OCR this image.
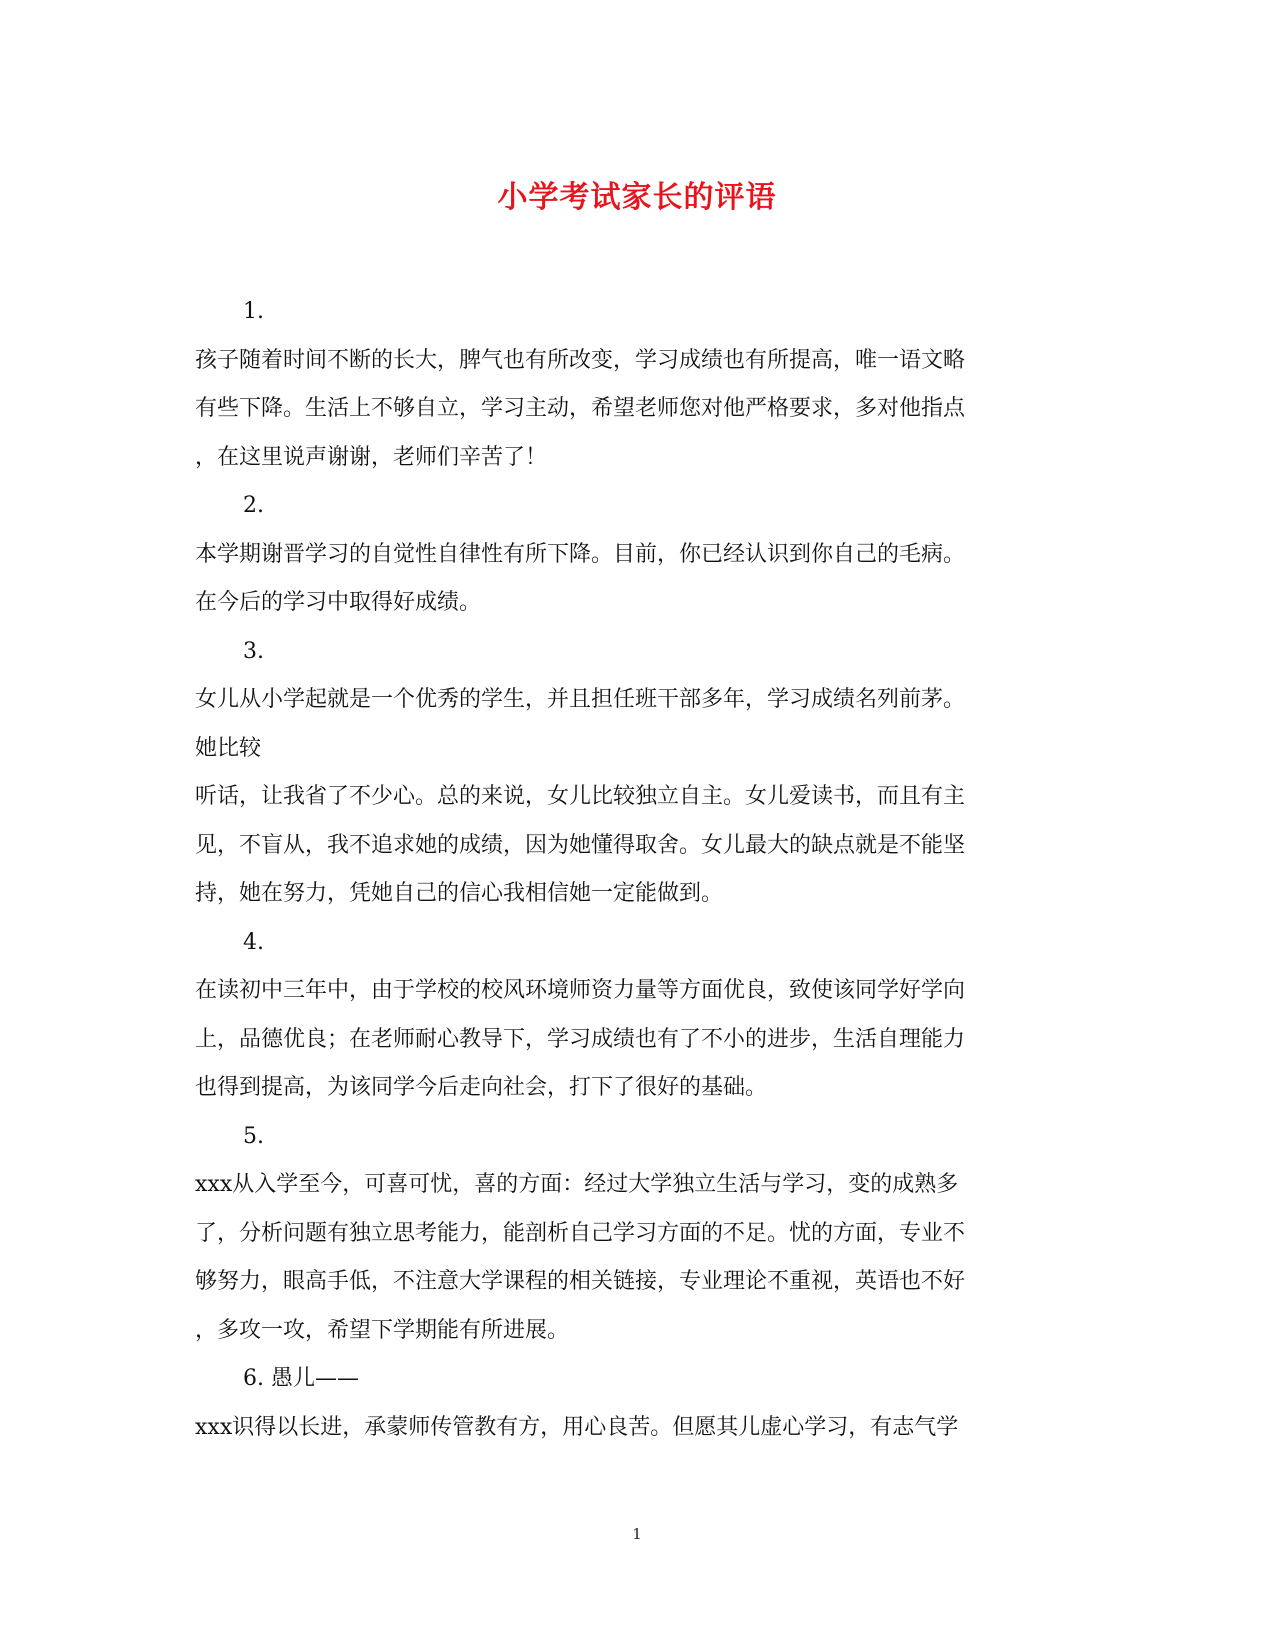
小学考试家长的评语
1.
孩子随着时间不断的长大，脾气也有所改变，学习成绩也有所提高，唯一语文略
有些下降。生活上不够自立，学习主动，希望老师您对他严格要求，多对他指点
，在这里说声谢谢，老师们辛苦了！
2.
本学期谢晋学习的自觉性自律性有所下降。目前，你已经认识到你自己的毛病。
在今后的学习中取得好成绩。
3.
女儿从小学起就是一个优秀的学生，并且担任班干部多年，学习成绩名列前茅。
她比较
听话，让我省了不少心。总的来说，女儿比较独立自主。女儿爱读书，而且有主
见，不盲从，我不追求她的成绩，因为她懂得取舍。女儿最大的缺点就是不能坚
持，她在努力，凭她自己的信心我相信她一定能做到。
4.
在读初中三年中，由于学校的校风环境师资力量等方面优良，致使该同学好学向
上，品德优良；在老师耐心教导下，学习成绩也有了不小的进步，生活自理能力
也得到提高，为该同学今后走向社会，打下了很好的基础。
5.
xxx从入学至今，可喜可忧，喜的方面：经过大学独立生活与学习，变的成熟多
了，分析问题有独立思考能力，能剖析自己学习方面的不足。忧的方面，专业不
够努力，眼高手低，不注意大学课程的相关链接，专业理论不重视，英语也不好
，多攻一攻，希望下学期能有所进展。
6. 愚儿——
xxx识得以长进，承蒙师传管教有方，用心良苦。但愿其儿虚心学习，有志气学
1
